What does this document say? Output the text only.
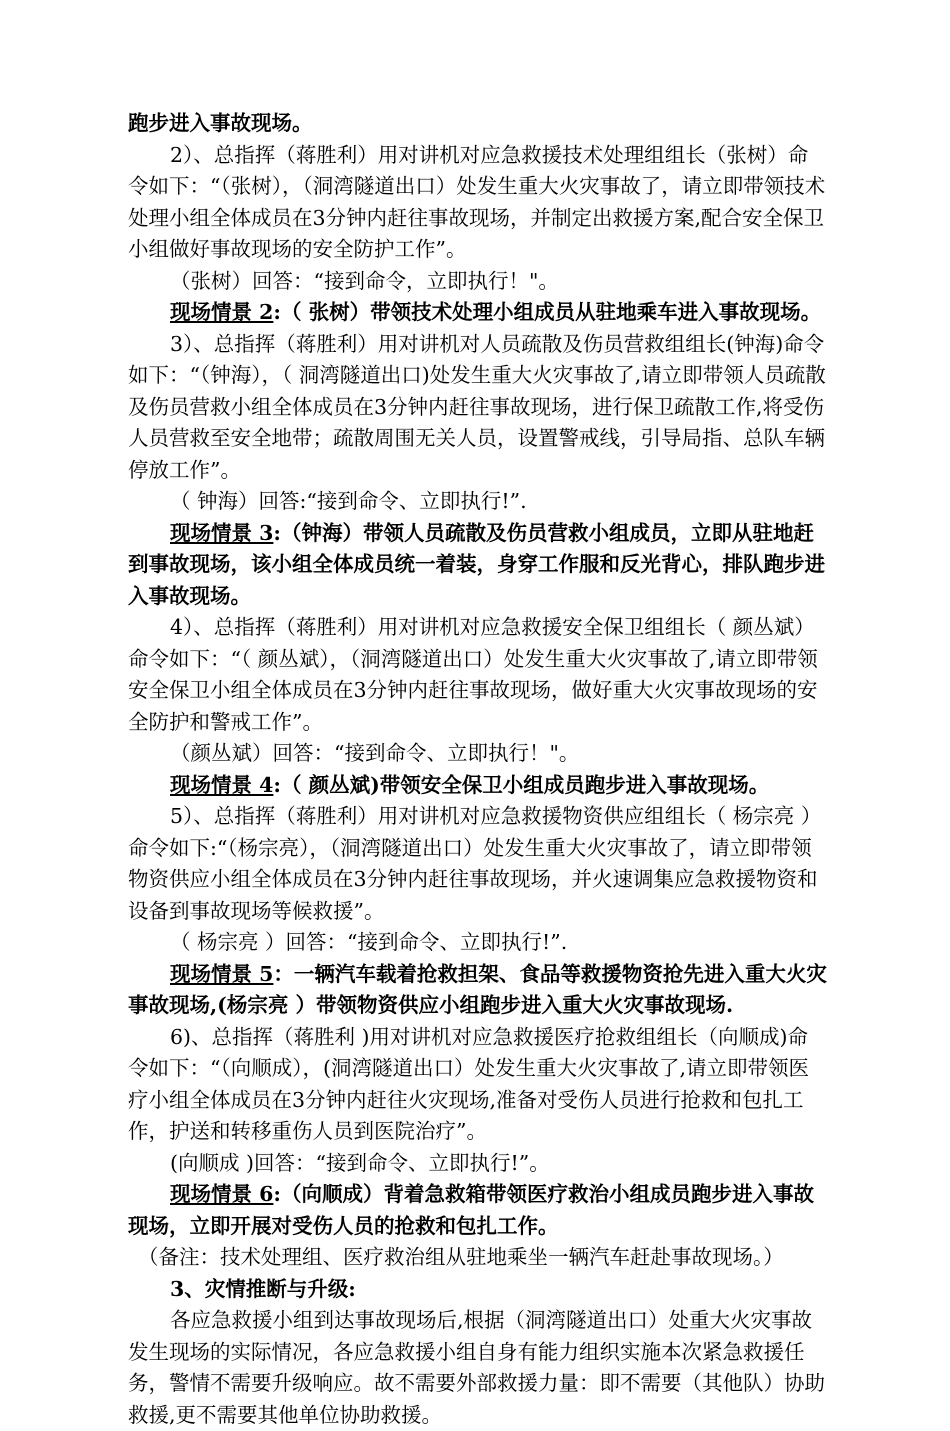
跑步进入事故现场。

2）、总指挥（蒋胜利）用对讲机对应急救援技术处理组组长（张树）命令如下：“（张树），（洞湾隧道出口）处发生重大火灾事故了，请立即带领技术处理小组全体成员在3分钟内赶往事故现场，并制定出救援方案,配合安全保卫小组做好事故现场的安全防护工作”。

（张树）回答：“接到命令，立即执行！"。

现场情景 2:（ 张树）带领技术处理小组成员从驻地乘车进入事故现场。

3）、总指挥（蒋胜利）用对讲机对人员疏散及伤员营救组组长(钟海)命令如下：“（钟海），（ 洞湾隧道出口)处发生重大火灾事故了,请立即带领人员疏散及伤员营救小组全体成员在3分钟内赶往事故现场，进行保卫疏散工作,将受伤人员营救至安全地带；疏散周围无关人员，设置警戒线，引导局指、总队车辆停放工作”。

（ 钟海）回答:“接到命令、立即执行!”.

现场情景 3:（钟海）带领人员疏散及伤员营救小组成员，立即从驻地赶到事故现场，该小组全体成员统一着装，身穿工作服和反光背心，排队跑步进入事故现场。

4）、总指挥（蒋胜利）用对讲机对应急救援安全保卫组组长（ 颜丛斌）命令如下：“（ 颜丛斌），（洞湾隧道出口）处发生重大火灾事故了,请立即带领安全保卫小组全体成员在3分钟内赶往事故现场，做好重大火灾事故现场的安全防护和警戒工作”。

（颜丛斌）回答：“接到命令、立即执行！"。

现场情景 4:（ 颜丛斌)带领安全保卫小组成员跑步进入事故现场。

5）、总指挥（蒋胜利）用对讲机对应急救援物资供应组组长（ 杨宗亮 ）命令如下:“（杨宗亮），（洞湾隧道出口）处发生重大火灾事故了，请立即带领物资供应小组全体成员在3分钟内赶往事故现场，并火速调集应急救援物资和设备到事故现场等候救援”。

（ 杨宗亮 ）回答：“接到命令、立即执行!”.

现场情景 5：一辆汽车载着抢救担架、食品等救援物资抢先进入重大火灾事故现场,(杨宗亮 ）带领物资供应小组跑步进入重大火灾事故现场.

6)、总指挥（蒋胜利 )用对讲机对应急救援医疗抢救组组长（向顺成)命令如下：“（向顺成），(洞湾隧道出口）处发生重大火灾事故了,请立即带领医疗小组全体成员在3分钟内赶往火灾现场,准备对受伤人员进行抢救和包扎工作，护送和转移重伤人员到医院治疗”。

(向顺成 )回答：“接到命令、立即执行!”。

现场情景 6:（向顺成）背着急救箱带领医疗救治小组成员跑步进入事故现场，立即开展对受伤人员的抢救和包扎工作。

（备注：技术处理组、医疗救治组从驻地乘坐一辆汽车赶赴事故现场。）

3、灾情推断与升级:

各应急救援小组到达事故现场后,根据（洞湾隧道出口）处重大火灾事故发生现场的实际情况，各应急救援小组自身有能力组织实施本次紧急救援任务，警情不需要升级响应。故不需要外部救援力量：即不需要（其他队）协助救援,更不需要其他单位协助救援。
